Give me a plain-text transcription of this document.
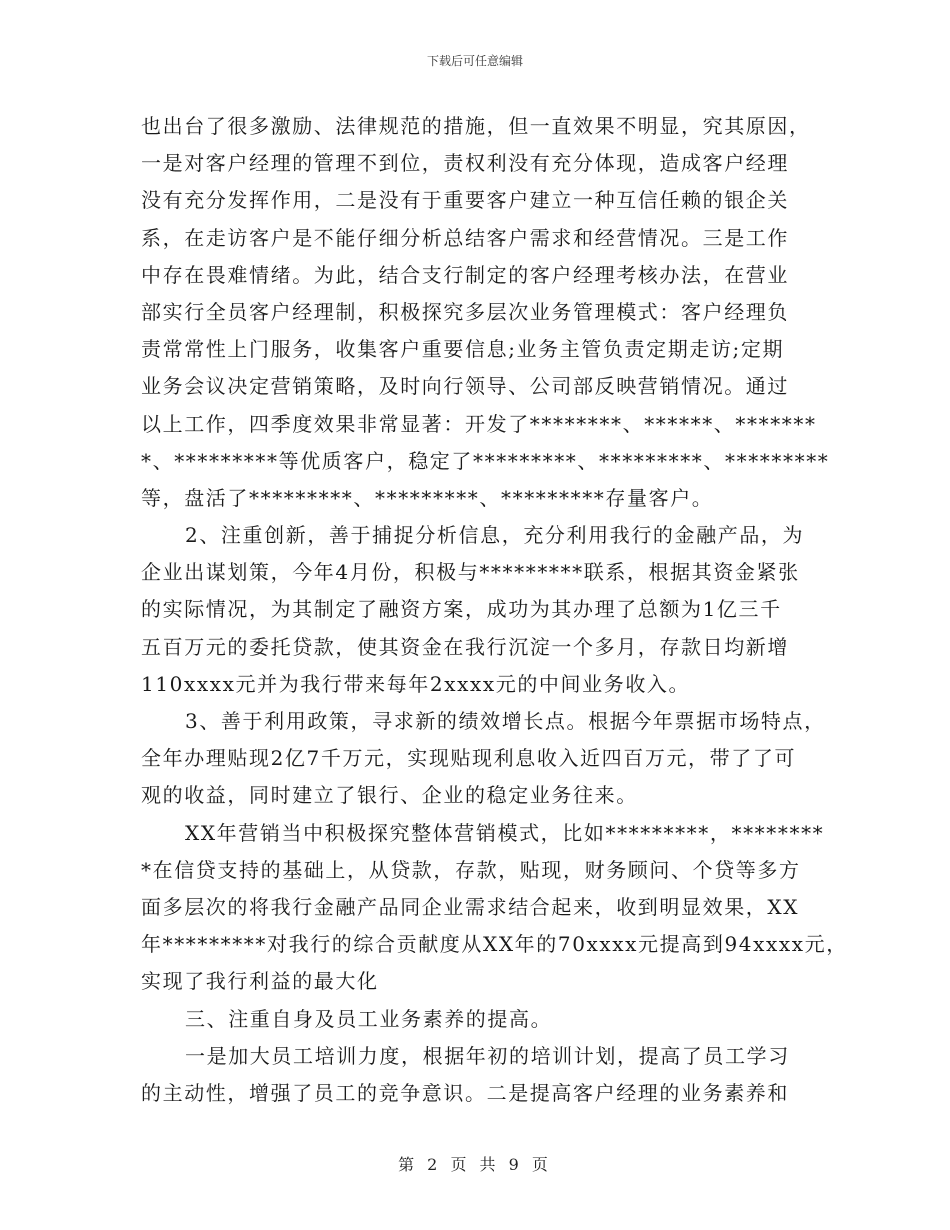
下载后可任意编辑
也出台了很多激励、法律规范的措施，但一直效果不明显，究其原因，
一是对客户经理的管理不到位，责权利没有充分体现，造成客户经理
没有充分发挥作用，二是没有于重要客户建立一种互信任赖的银企关
系，在走访客户是不能仔细分析总结客户需求和经营情况。三是工作
中存在畏难情绪。为此，结合支行制定的客户经理考核办法，在营业
部实行全员客户经理制，积极探究多层次业务管理模式：客户经理负
责常常性上门服务，收集客户重要信息;业务主管负责定期走访;定期
业务会议决定营销策略，及时向行领导、公司部反映营销情况。通过
以上工作，四季度效果非常显著：开发了********、******、*******
*、*********等优质客户，稳定了*********、*********、*********
等，盘活了*********、*********、*********存量客户。
2、注重创新，善于捕捉分析信息，充分利用我行的金融产品，为
企业出谋划策，今年4月份，积极与*********联系，根据其资金紧张
的实际情况，为其制定了融资方案，成功为其办理了总额为1亿三千
五百万元的委托贷款，使其资金在我行沉淀一个多月，存款日均新增
110xxxx元并为我行带来每年2xxxx元的中间业务收入。
3、善于利用政策，寻求新的绩效增长点。根据今年票据市场特点，
全年办理贴现2亿7千万元，实现贴现利息收入近四百万元，带了了可
观的收益，同时建立了银行、企业的稳定业务往来。
XX年营销当中积极探究整体营销模式，比如*********，********
*在信贷支持的基础上，从贷款，存款，贴现，财务顾问、个贷等多方
面多层次的将我行金融产品同企业需求结合起来，收到明显效果，XX
年*********对我行的综合贡献度从XX年的70xxxx元提高到94xxxx元，
实现了我行利益的最大化
三、注重自身及员工业务素养的提高。
一是加大员工培训力度，根据年初的培训计划，提高了员工学习
的主动性，增强了员工的竞争意识。二是提高客户经理的业务素养和
第 2 页 共 9 页
